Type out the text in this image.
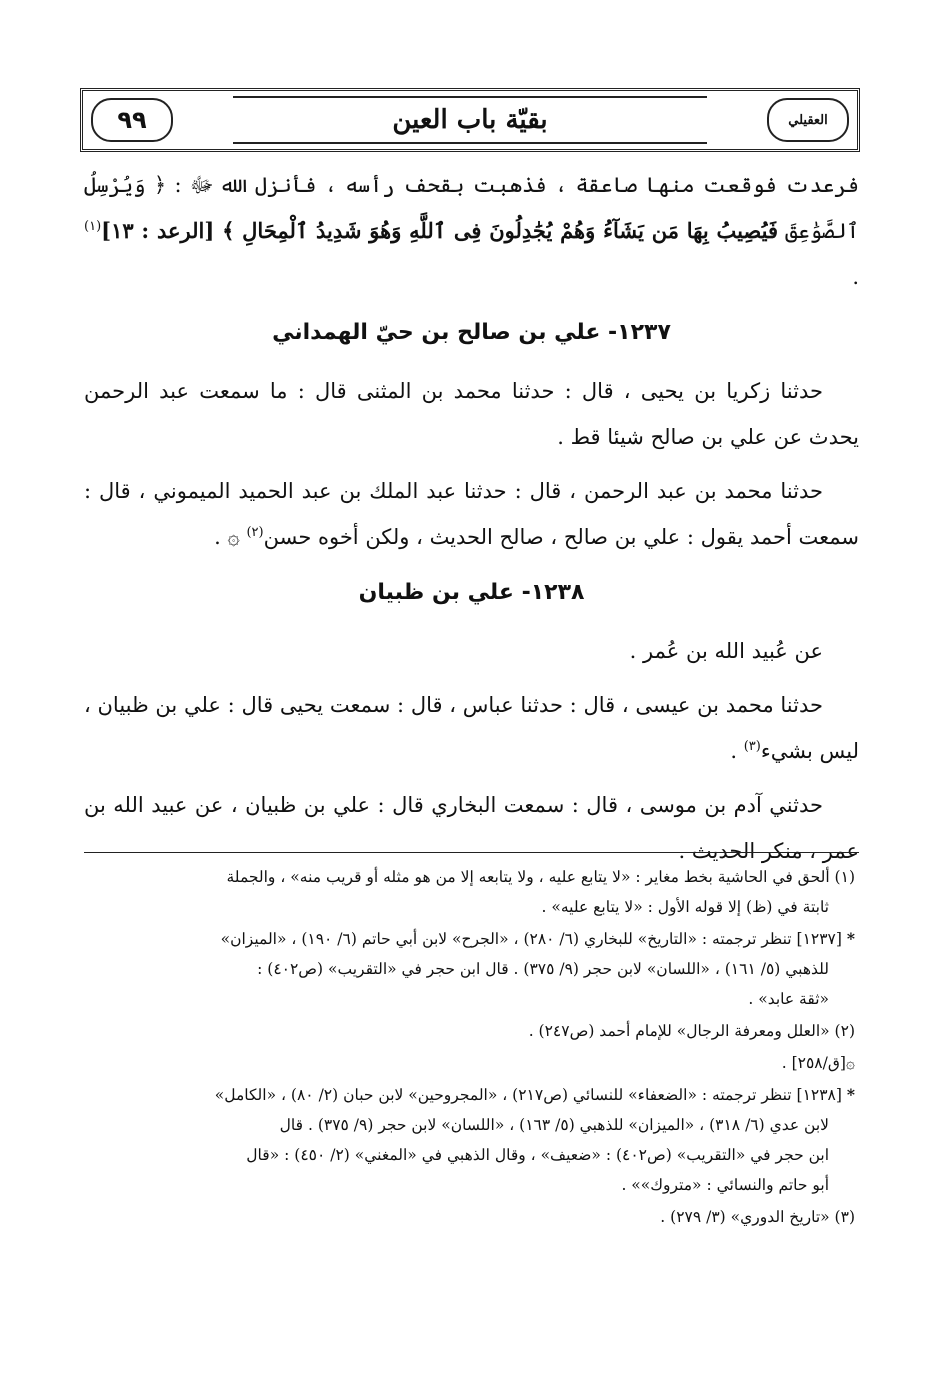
العقيلي
بقيّة باب العين
٩٩

فرعدت فوقعت منها صاعقة ، فذهبت بقحف رأسه ، فأنزل الله ﷻ : ﴿ وَيُرْسِلُ ٱلصَّوَٰعِقَ فَيُصِيبُ بِهَا مَن يَشَآءُ وَهُمْ يُجَٰدِلُونَ فِى ٱللَّهِ وَهُوَ شَدِيدُ ٱلْمِحَالِ ﴾ [الرعد : ١٣]$^{(١)}$ .

١٢٣٧- علي بن صالح بن حيّ الهمداني

حدثنا زكريا بن يحيى ، قال : حدثنا محمد بن المثنى قال : ما سمعت عبد الرحمن يحدث عن علي بن صالح شيئا قط .

حدثنا محمد بن عبد الرحمن ، قال : حدثنا عبد الملك بن عبد الحميد الميموني ، قال : سمعت أحمد يقول : علي بن صالح ، صالح الحديث ، ولكن أخوه حسن$^{(٢)}$ ۞ .

١٢٣٨- علي بن ظبيان

عن عُبيد الله بن عُمر .

حدثنا محمد بن عيسى ، قال : حدثنا عباس ، قال : سمعت يحيى قال : علي بن ظبيان ، ليس بشيء$^{(٣)}$ .

حدثني آدم بن موسى ، قال : سمعت البخاري قال : علي بن ظبيان ، عن عبيد الله بن عمر ، منكر الحديث .

(١) ألحق في الحاشية بخط مغاير : «لا يتابع عليه ، ولا يتابعه إلا من هو مثله أو قريب منه» ، والجملة
ثابتة في (ظ) إلا قوله الأول : «لا يتابع عليه» .
* [١٢٣٧] تنظر ترجمته : «التاريخ» للبخاري (٦/ ٢٨٠) ، «الجرح» لابن أبي حاتم (٦/ ١٩٠) ، «الميزان»
للذهبي (٥/ ١٦١) ، «اللسان» لابن حجر (٩/ ٣٧٥) . قال ابن حجر في «التقريب» (ص٤٠٢) :
«ثقة عابد» .
(٢) «العلل ومعرفة الرجال» للإمام أحمد (ص٢٤٧) .
۞[ق/٢٥٨] .
* [١٢٣٨] تنظر ترجمته : «الضعفاء» للنسائي (ص٢١٧) ، «المجروحين» لابن حبان (٢/ ٨٠) ، «الكامل»
لابن عدي (٦/ ٣١٨) ، «الميزان» للذهبي (٥/ ١٦٣) ، «اللسان» لابن حجر (٩/ ٣٧٥) . قال
ابن حجر في «التقريب» (ص٤٠٢) : «ضعيف» ، وقال الذهبي في «المغني» (٢/ ٤٥٠) : «قال
أبو حاتم والنسائي : «متروك»» .
(٣) «تاريخ الدوري» (٣/ ٢٧٩) .
